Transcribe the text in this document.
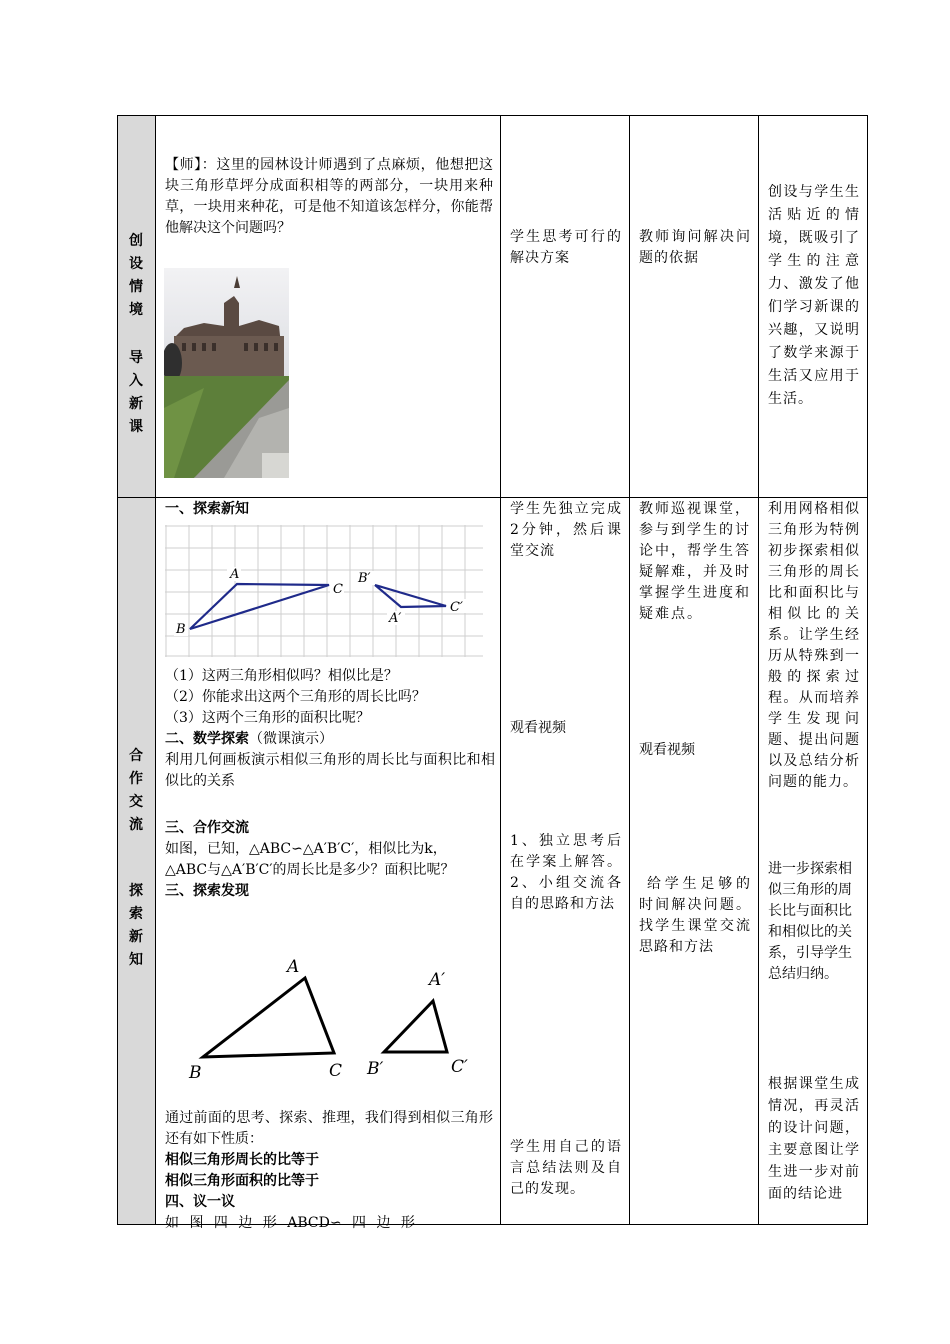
创
设
情
境
导
入
新
课
合
作
交
流
探
索
新
知
【师】：这里的园林设计师遇到了点麻烦，他想把这块三角形草坪分成面积相等的两部分，一块用来种草，一块用来种花，可是他不知道该怎样分，你能帮他解决这个问题吗？
学生思考可行的解决方案
教师询问解决问题的依据
创设与学生生活贴近的情境，既吸引了学生的注意力、激发了他们学习新课的兴趣，又说明了数学来源于生活又应用于生活。
一、探索新知
A
C
B
B′
A′
C′

（1）这两三角形相似吗？相似比是？

（2）你能求出这两个三角形的周长比吗？

（3）这两个三角形的面积比呢？

二、数学探索（微课演示）

利用几何画板演示相似三角形的周长比与面积比和相似比的关系

三、合作交流

如图，已知，△ABC∽△A′B′C′，相似比为k，

△ABC与△A′B′C′的周长比是多少？面积比呢？

三、探索发现

A
B	C
A′
B′	C′

通过前面的思考、探索、推理，我们得到相似三角形还有如下性质：

相似三角形周长的比等于

相似三角形面积的比等于

四、议一议

如 图 四 边 形 ABCD∽ 四 边 形

学生先独立完成2分钟，然后课堂交流
观看视频
1、独立思考后在学案上解答。2、小组交流各自的思路和方法
学生用自己的语言总结法则及自己的发现。
教师巡视课堂，参与到学生的讨论中，帮学生答疑解难，并及时掌握学生进度和疑难点。
观看视频
给学生足够的时间解决问题。找学生课堂交流思路和方法
利用网格相似三角形为特例初步探索相似三角形的周长比和面积比与相似比的关系。让学生经历从特殊到一般的探索过程。从而培养学生发现问题、提出问题以及总结分析问题的能力。
进一步探索相似三角形的周长比与面积比和相似比的关系，引导学生总结归纳。
根据课堂生成情况，再灵活的设计问题，主要意图让学生进一步对前面的结论进
